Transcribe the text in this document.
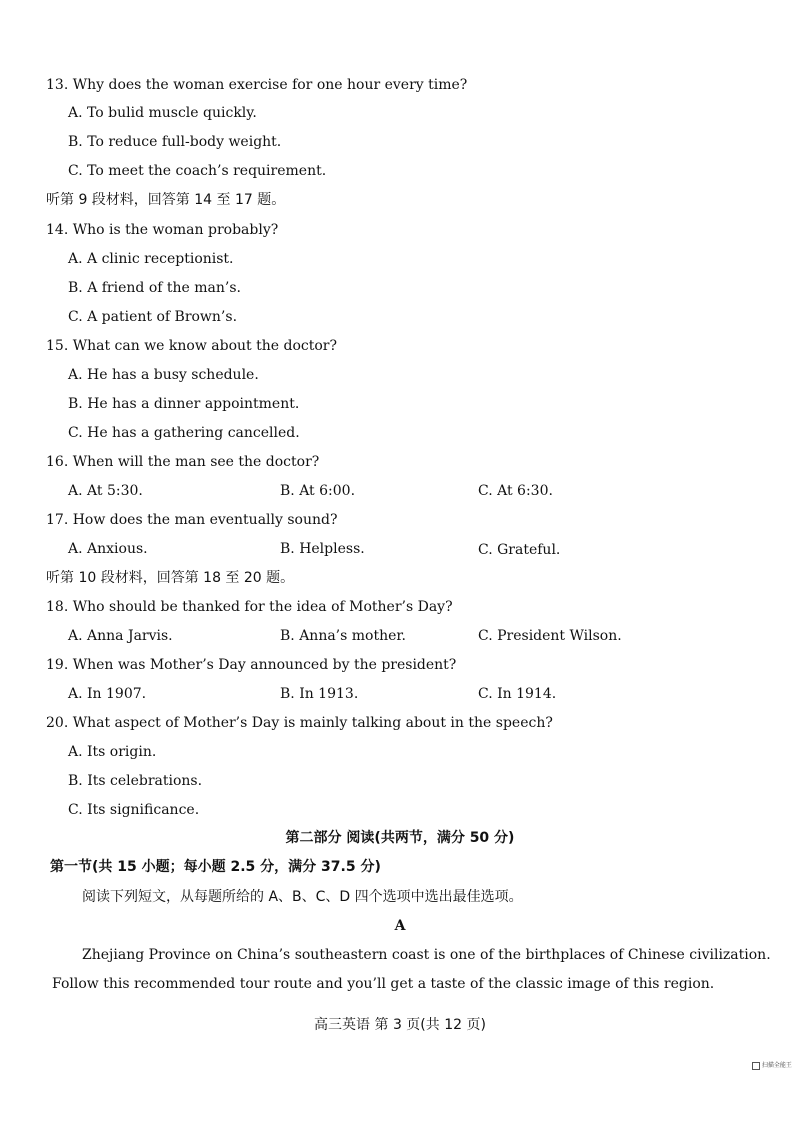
13. Why does the woman exercise for one hour every time?
A. To bulid muscle quickly.
B. To reduce full-body weight.
C. To meet the coach’s requirement.
听第 9 段材料，回答第 14 至 17 题。
14. Who is the woman probably?
A. A clinic receptionist.
B. A friend of the man’s.
C. A patient of Brown’s.
15. What can we know about the doctor?
A. He has a busy schedule.
B. He has a dinner appointment.
C. He has a gathering cancelled.
16. When will the man see the doctor?
A. At 5:30.	B. At 6:00.	C. At 6:30.
17. How does the man eventually sound?
A. Anxious.	B. Helpless.	C. Grateful.
听第 10 段材料，回答第 18 至 20 题。
18. Who should be thanked for the idea of Mother’s Day?
A. Anna Jarvis.	B. Anna’s mother.	C. President Wilson.
19. When was Mother’s Day announced by the president?
A. In 1907.	B. In 1913.	C. In 1914.
20. What aspect of Mother’s Day is mainly talking about in the speech?
A. Its origin.
B. Its celebrations.
C. Its significance.
第二部分 阅读(共两节，满分 50 分)
第一节(共 15 小题；每小题 2.5 分，满分 37.5 分)
阅读下列短文，从每题所给的 A、B、C、D 四个选项中选出最佳选项。
A
Zhejiang Province on China’s southeastern coast is one of the birthplaces of Chinese civilization.
Follow this recommended tour route and you’ll get a taste of the classic image of this region.
高三英语 第 3 页(共 12 页)
扫描全能王
